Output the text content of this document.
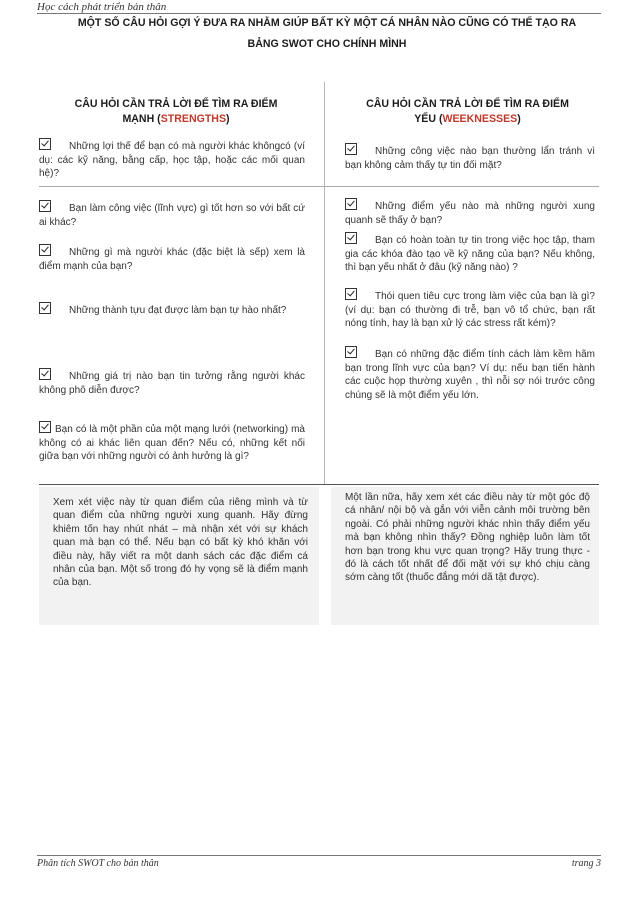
Học cách phát triển bản thân
MỘT SỐ CÂU HỎI GỢI Ý ĐƯA RA NHẰM GIÚP BẤT KỲ MỘT CÁ NHÂN NÀO CŨNG CÓ THỂ TẠO RA
BẢNG SWOT CHO CHÍNH MÌNH
CÂU HỎI CẦN TRẢ LỜI ĐỂ TÌM RA ĐIỂM
MẠNH (STRENGTHS)
CÂU HỎI CẦN TRẢ LỜI ĐỂ TÌM RA ĐIỂM
YẾU (WEEKNESSES)
Những lợi thế để bạn có mà người khác khôngcó (ví dụ: các kỹ năng, bằng cấp, học tập, hoặc các mối quan hệ)?
Bạn làm công việc (lĩnh vực) gì tốt hơn so với bất cứ ai khác?
Những gì mà người khác (đặc biệt là sếp) xem là điểm mạnh của bạn?
Những thành tựu đạt được làm bạn tự hào nhất?
Những giá trị nào bạn tin tưởng rằng người khác không phô diễn được?
Bạn có là một phần của một mạng lưới (networking) mà không có ai khác liên quan đến? Nếu có, những kết nối giữa bạn với những người có ảnh hưởng là gì?
Những công việc nào bạn thường lẩn tránh vì bạn không cảm thấy tự tin đối mặt?
Những điểm yếu nào mà những người xung quanh sẽ thấy ở bạn?
Bạn có hoàn toàn tự tin trong việc học tập, tham gia các khóa đào tạo về kỹ năng của bạn? Nếu không, thì bạn yếu nhất ở đâu (kỹ năng nào) ?
Thói quen tiêu cực trong làm việc của bạn là gì?(ví dụ: bạn có thường đi trễ, bạn vô tổ chức, bạn rất nóng tính, hay là bạn xử lý các stress rất kém)?
Bạn có những đặc điểm tính cách làm kềm hãm bạn trong lĩnh vực của bạn? Ví dụ: nếu bạn tiến hành các cuộc họp thường xuyên , thì nỗi sợ nói trước công chúng sẽ là một điểm yếu lớn.
Xem xét việc này từ quan điểm của riêng mình và từ quan điểm của những người xung quanh. Hãy đừng khiêm tốn hay nhút nhát – mà nhận xét với sự khách quan mà bạn có thể. Nếu bạn có bất kỳ khó khăn với điều này, hãy viết ra một danh sách các đặc điểm cá nhân của bạn. Một số trong đó hy vọng sẽ là điểm mạnh của bạn.
Một lần nữa, hãy xem xét các điều này từ một góc độ cá nhân/ nội bộ và gắn với viễn cảnh môi trường bên ngoài. Có phải những người khác nhìn thấy điểm yếu mà bạn không nhìn thấy? Đồng nghiệp luôn làm tốt hơn bạn trong khu vực quan trọng? Hãy trung thực - đó là cách tốt nhất để đối mặt với sự khó chịu càng sớm càng tốt (thuốc đắng mới dã tật được).
Phân tích SWOT cho bản thân	trang 3
